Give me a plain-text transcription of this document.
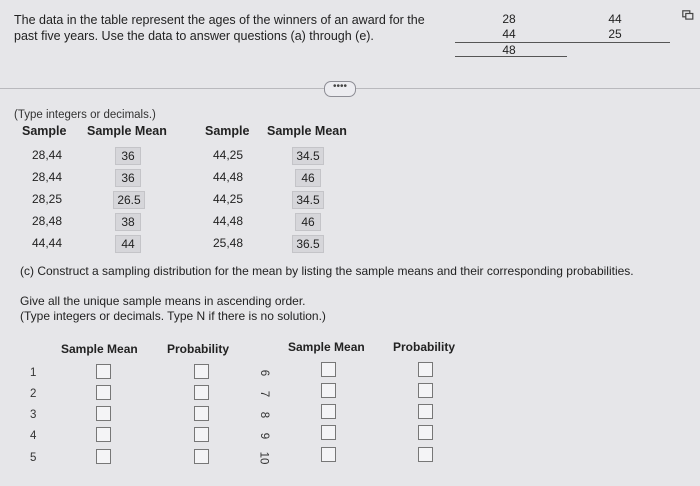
The data in the table represent the ages of the winners of an award for the past five years. Use the data to answer questions (a) through (e).
28
44
48
44
25
••••
(Type integers or decimals.)
Sample Sample Mean	Sample Sample Mean
28,44
28,44
28,25
28,48
44,44
36
36
26.5
38
44
44,25
44,48
44,25
44,48
25,48
34.5
46
34.5
46
36.5
(c) Construct a sampling distribution for the mean by listing the sample means and their corresponding probabilities.
Give all the unique sample means in ascending order.
(Type integers or decimals. Type N if there is no solution.)
Sample Mean Probability	Sample Mean Probability
1
2
3
4
5
6
7
8
9
10
